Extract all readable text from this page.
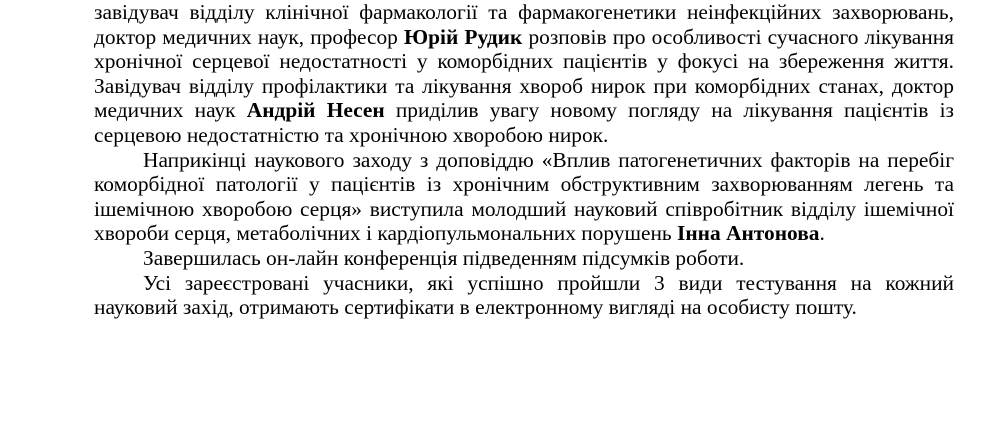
завідувач відділу клінічної фармакології та фармакогенетики неінфекційних захворювань, доктор медичних наук, професор Юрій Рудик розповів про особливості сучасного лікування хронічної серцевої недостатності у коморбідних пацієнтів у фокусі на збереження життя. Завідувач відділу профілактики та лікування хвороб нирок при коморбідних станах, доктор медичних наук Андрій Несен приділив увагу новому погляду на лікування пацієнтів із серцевою недостатністю та хронічною хворобою нирок.

Наприкінці наукового заходу з доповіддю «Вплив патогенетичних факторів на перебіг коморбідної патології у пацієнтів із хронічним обструктивним захворюванням легень та ішемічною хворобою серця» виступила молодший науковий співробітник відділу ішемічної хвороби серця, метаболічних і кардіопульмональних порушень Інна Антонова.

Завершилась он-лайн конференція підведенням підсумків роботи.

Усі зареєстровані учасники, які успішно пройшли 3 види тестування на кожний науковий захід, отримають сертифікати в електронному вигляді на особисту пошту.
